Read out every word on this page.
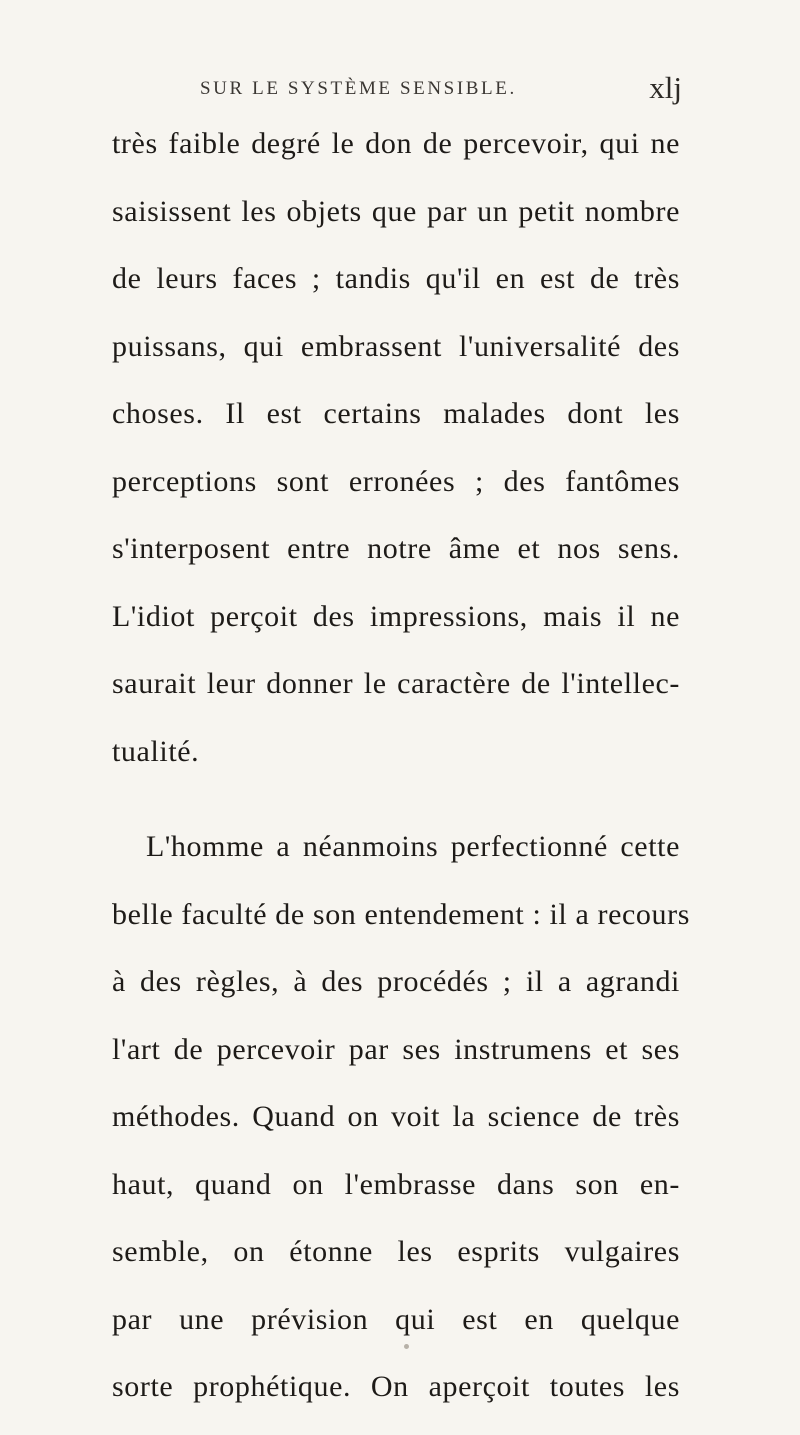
SUR LE SYSTÈME SENSIBLE.	xlj
très faible degré le don de percevoir, qui ne
saisissent les objets que par un petit nombre
de leurs faces ; tandis qu'il en est de très
puissans, qui embrassent l'universalité des
choses. Il est certains malades dont les
perceptions sont erronées ; des fantômes
s'interposent entre notre âme et nos sens.
L'idiot perçoit des impressions, mais il ne
saurait leur donner le caractère de l'intellec-
tualité.
L'homme a néanmoins perfectionné cette
belle faculté de son entendement : il a recours
à des règles, à des procédés ; il a agrandi
l'art de percevoir par ses instrumens et ses
méthodes. Quand on voit la science de très
haut, quand on l'embrasse dans son en-
semble, on étonne les esprits vulgaires
par une prévision qui est en quelque
sorte prophétique. On aperçoit toutes les
